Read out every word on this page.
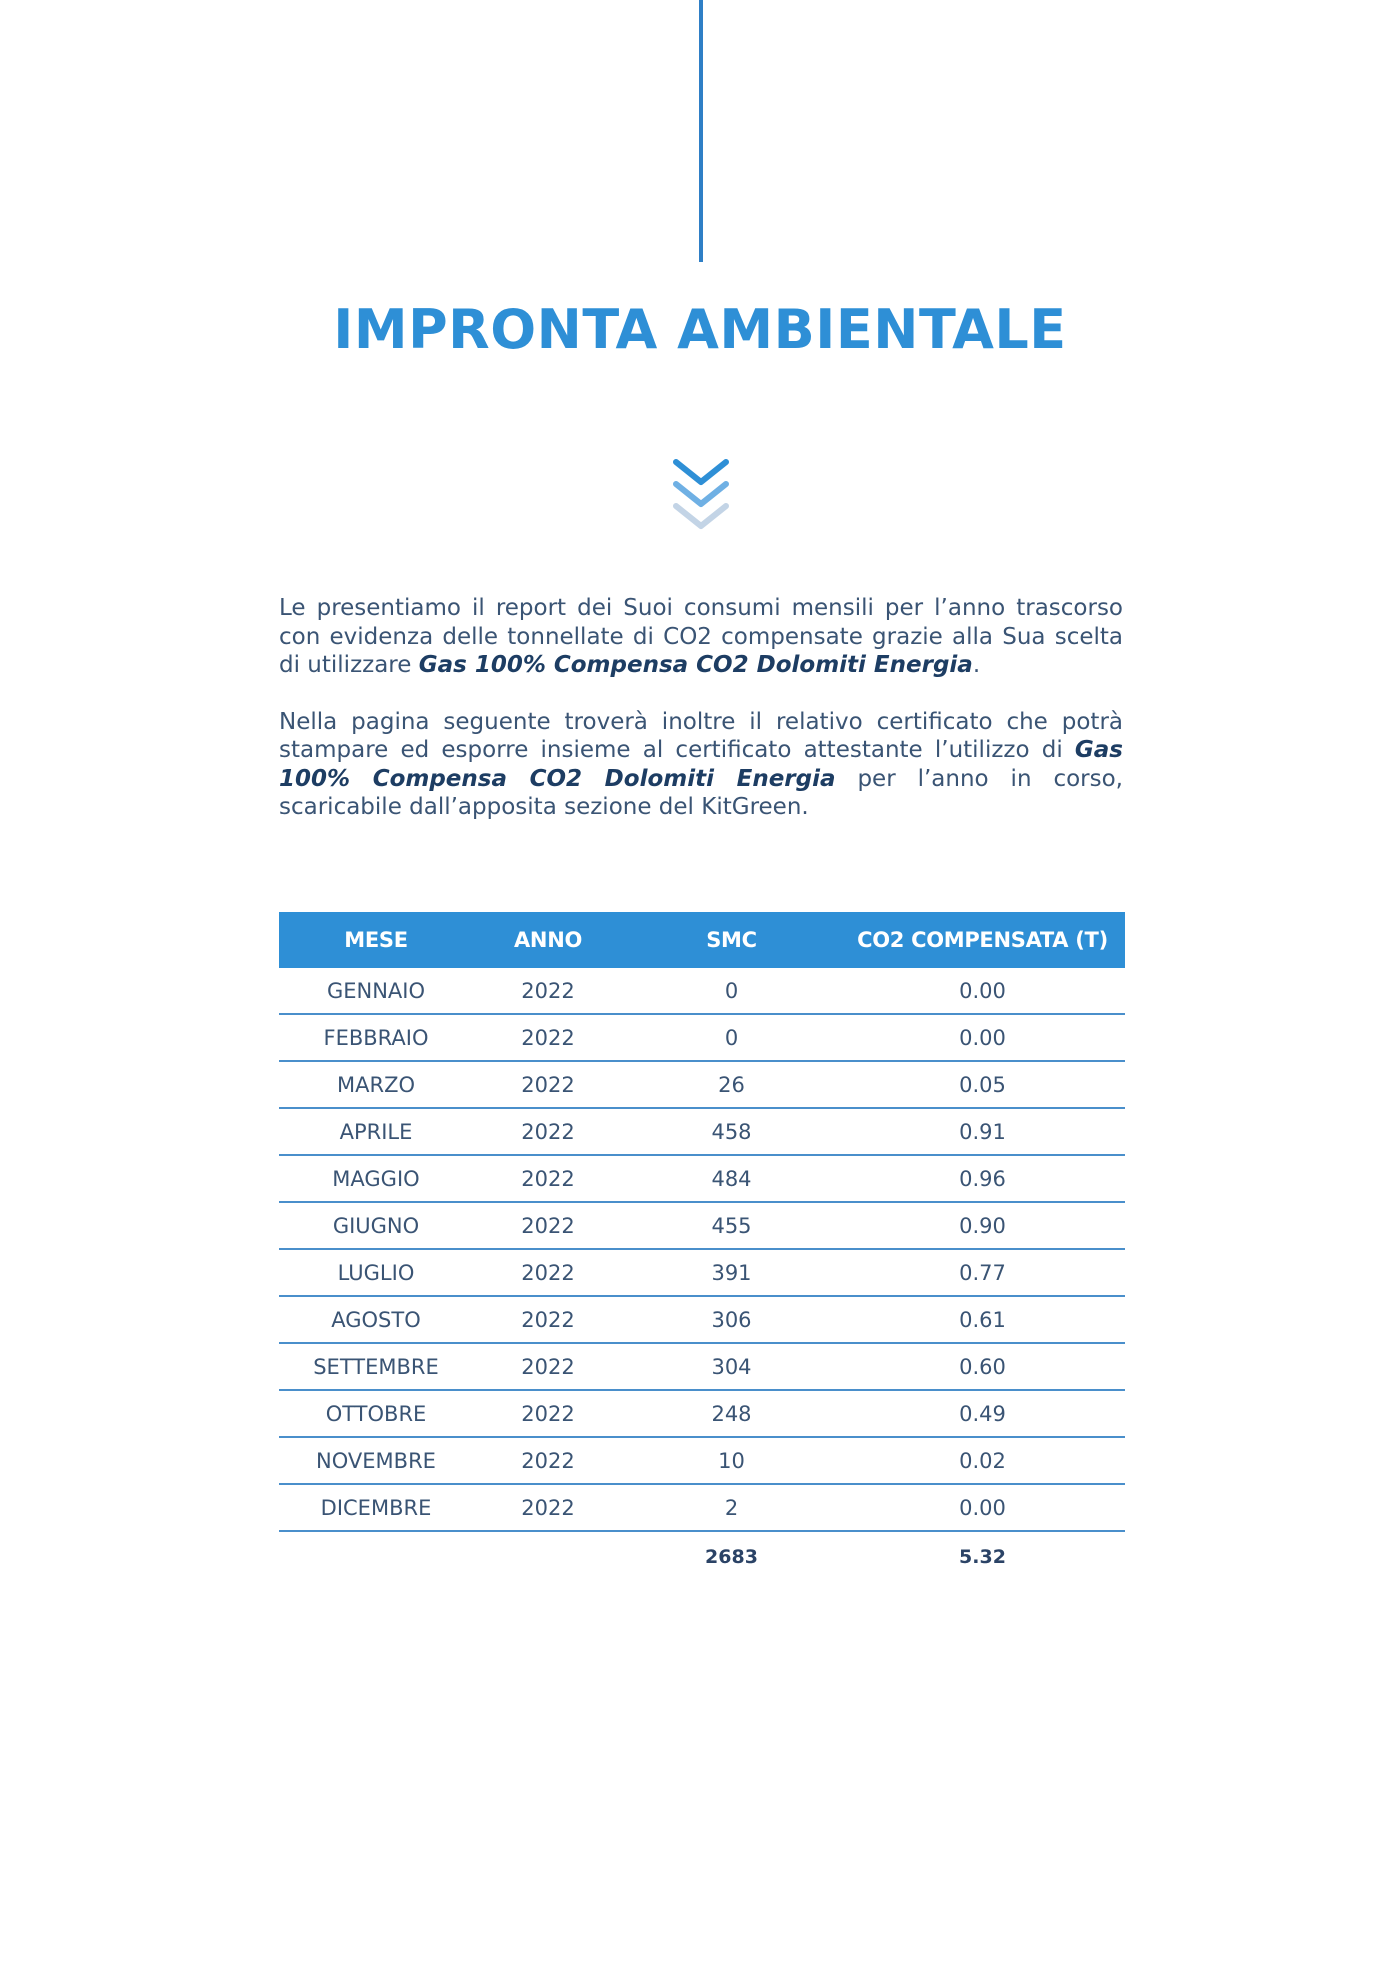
IMPRONTA AMBIENTALE

Le presentiamo il report dei Suoi consumi mensili per l’anno trascorso con evidenza delle tonnellate di CO2 compensate grazie alla Sua scelta di utilizzare Gas 100% Compensa CO2 Dolomiti Energia.

Nella pagina seguente troverà inoltre il relativo certificato che potrà stampare ed esporre insieme al certificato attestante l’utilizzo di Gas 100% Compensa CO2 Dolomiti Energia per l’anno in corso, scaricabile dall’apposita sezione del KitGreen.

MESE	ANNO	SMC	CO2 COMPENSATA (T)
GENNAIO	2022	0	0.00
FEBBRAIO	2022	0	0.00
MARZO	2022	26	0.05
APRILE	2022	458	0.91
MAGGIO	2022	484	0.96
GIUGNO	2022	455	0.90
LUGLIO	2022	391	0.77
AGOSTO	2022	306	0.61
SETTEMBRE	2022	304	0.60
OTTOBRE	2022	248	0.49
NOVEMBRE	2022	10	0.02
DICEMBRE	2022	2	0.00
		2683	5.32
